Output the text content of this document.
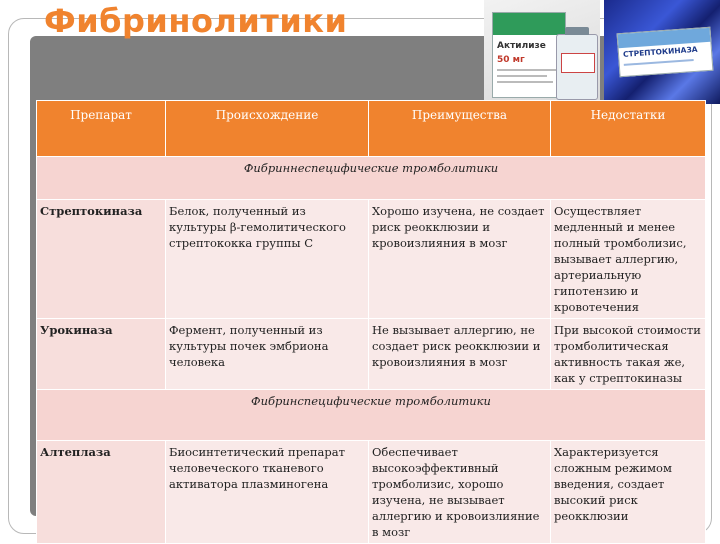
Фибринолитики
Актилизе
50 мг
СТРЕПТОКИНАЗА
Препарат	Происхождение	Преимущества	Недостатки
Фибриннеспецифические тромболитики			
Стрептокиназа	Белок, полученный из культуры β-гемолитического стрептококка группы С	Хорошо изучена, не создает риск реокклюзии и кровоизлияния в мозг	Осуществляет медленный и менее полный тромболизис, вызывает аллергию, артериальную гипотензию и кровотечения
Урокиназа	Фермент, полученный из культуры почек эмбриона человека	Не вызывает аллергию, не создает риск реокклюзии и кровоизлияния в мозг	При высокой стоимости тромболитическая активность такая же, как у стрептокиназы
Фибринспецифические тромболитики			
Алтеплаза	Биосинтетический препарат человеческого тканевого активатора плазминогена	Обеспечивает высокоэффективный тромболизис, хорошо изучена, не вызывает аллергию и кровоизлияние в мозг	Характеризуется сложным режимом введения, создает высокий риск реокклюзии
